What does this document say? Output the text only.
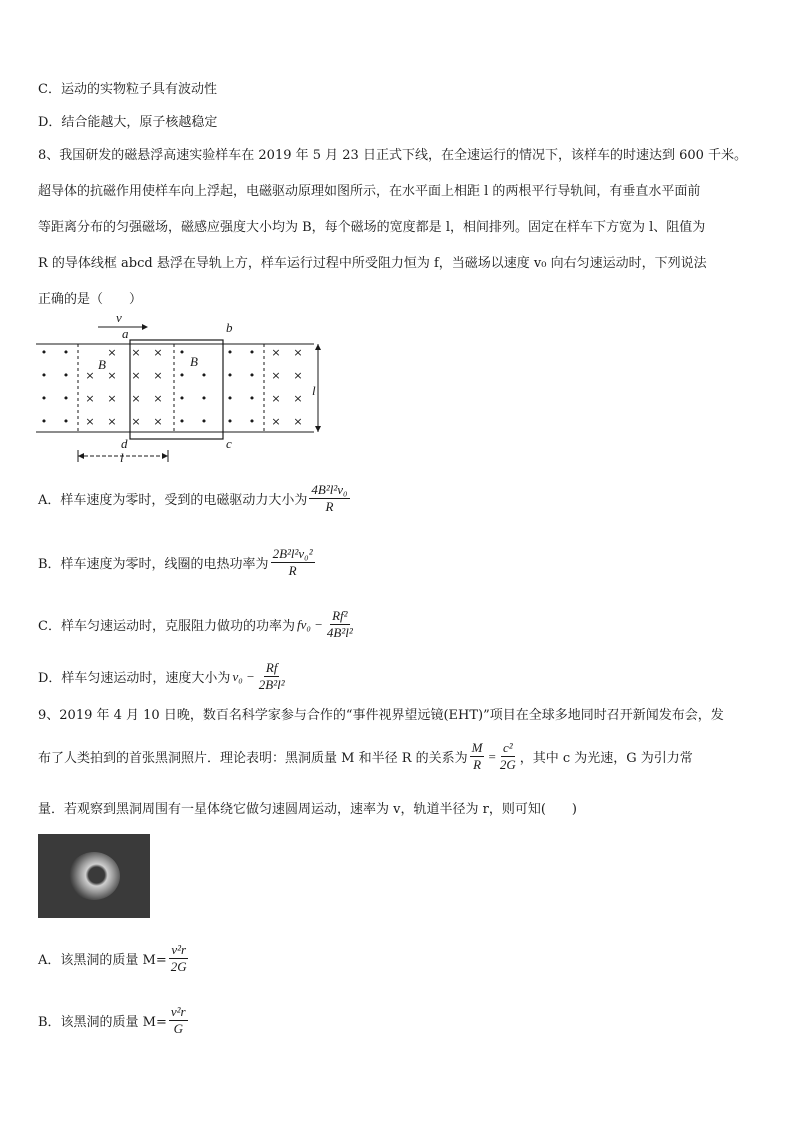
C．运动的实物粒子具有波动性
D．结合能越大，原子核越稳定
8、我国研发的磁悬浮高速实验样车在 2019 年 5 月 23 日正式下线，在全速运行的情况下，该样车的时速达到 600 千米。
超导体的抗磁作用使样车向上浮起，电磁驱动原理如图所示，在水平面上相距 l 的两根平行导轨间，有垂直水平面前
等距离分布的匀强磁场，磁感应强度大小均为 B，每个磁场的宽度都是 l，相间排列。固定在样车下方宽为 l、阻值为
R 的导体线框 abcd 悬浮在导轨上方，样车运行过程中所受阻力恒为 f，当磁场以速度 v₀ 向右匀速运动时，下列说法
正确的是（　　）
v
a	b
B	B
d	c
l
l
• •	× × × •	• • × ×
• • × × × × • • • • × ×
• • × × × × • • • • × ×
• • × × × × • • • • × ×
A．样车速度为零时，受到的电磁驱动力大小为 $\frac{\text{4B²l²v₀}}{R}$
B．样车速度为零时，线圈的电热功率为 $\frac{\text{2B²l²v₀²}}{R}$
C．样车匀速运动时，克服阻力做功的功率为 $fv_0 - \frac{\text{Rf²}}{\text{4B²l²}}$
D．样车匀速运动时，速度大小为 $v_0 - \frac{Rf}{\text{2B²l²}}$
9、2019 年 4 月 10 日晚，数百名科学家参与合作的“事件视界望远镜(EHT)”项目在全球多地同时召开新闻发布会，发
布了人类拍到的首张黑洞照片．理论表明：黑洞质量 M 和半径 R 的关系为 $\frac{M}{R} = \frac{\text{c²}}{2G}$ ，其中 c 为光速，G 为引力常
量．若观察到黑洞周围有一星体绕它做匀速圆周运动，速率为 v，轨道半径为 r，则可知(　　)
A．该黑洞的质量 $M= \frac{\text{v²r}}{2G}$
B．该黑洞的质量 $M= \frac{\text{v²r}}{G}$
